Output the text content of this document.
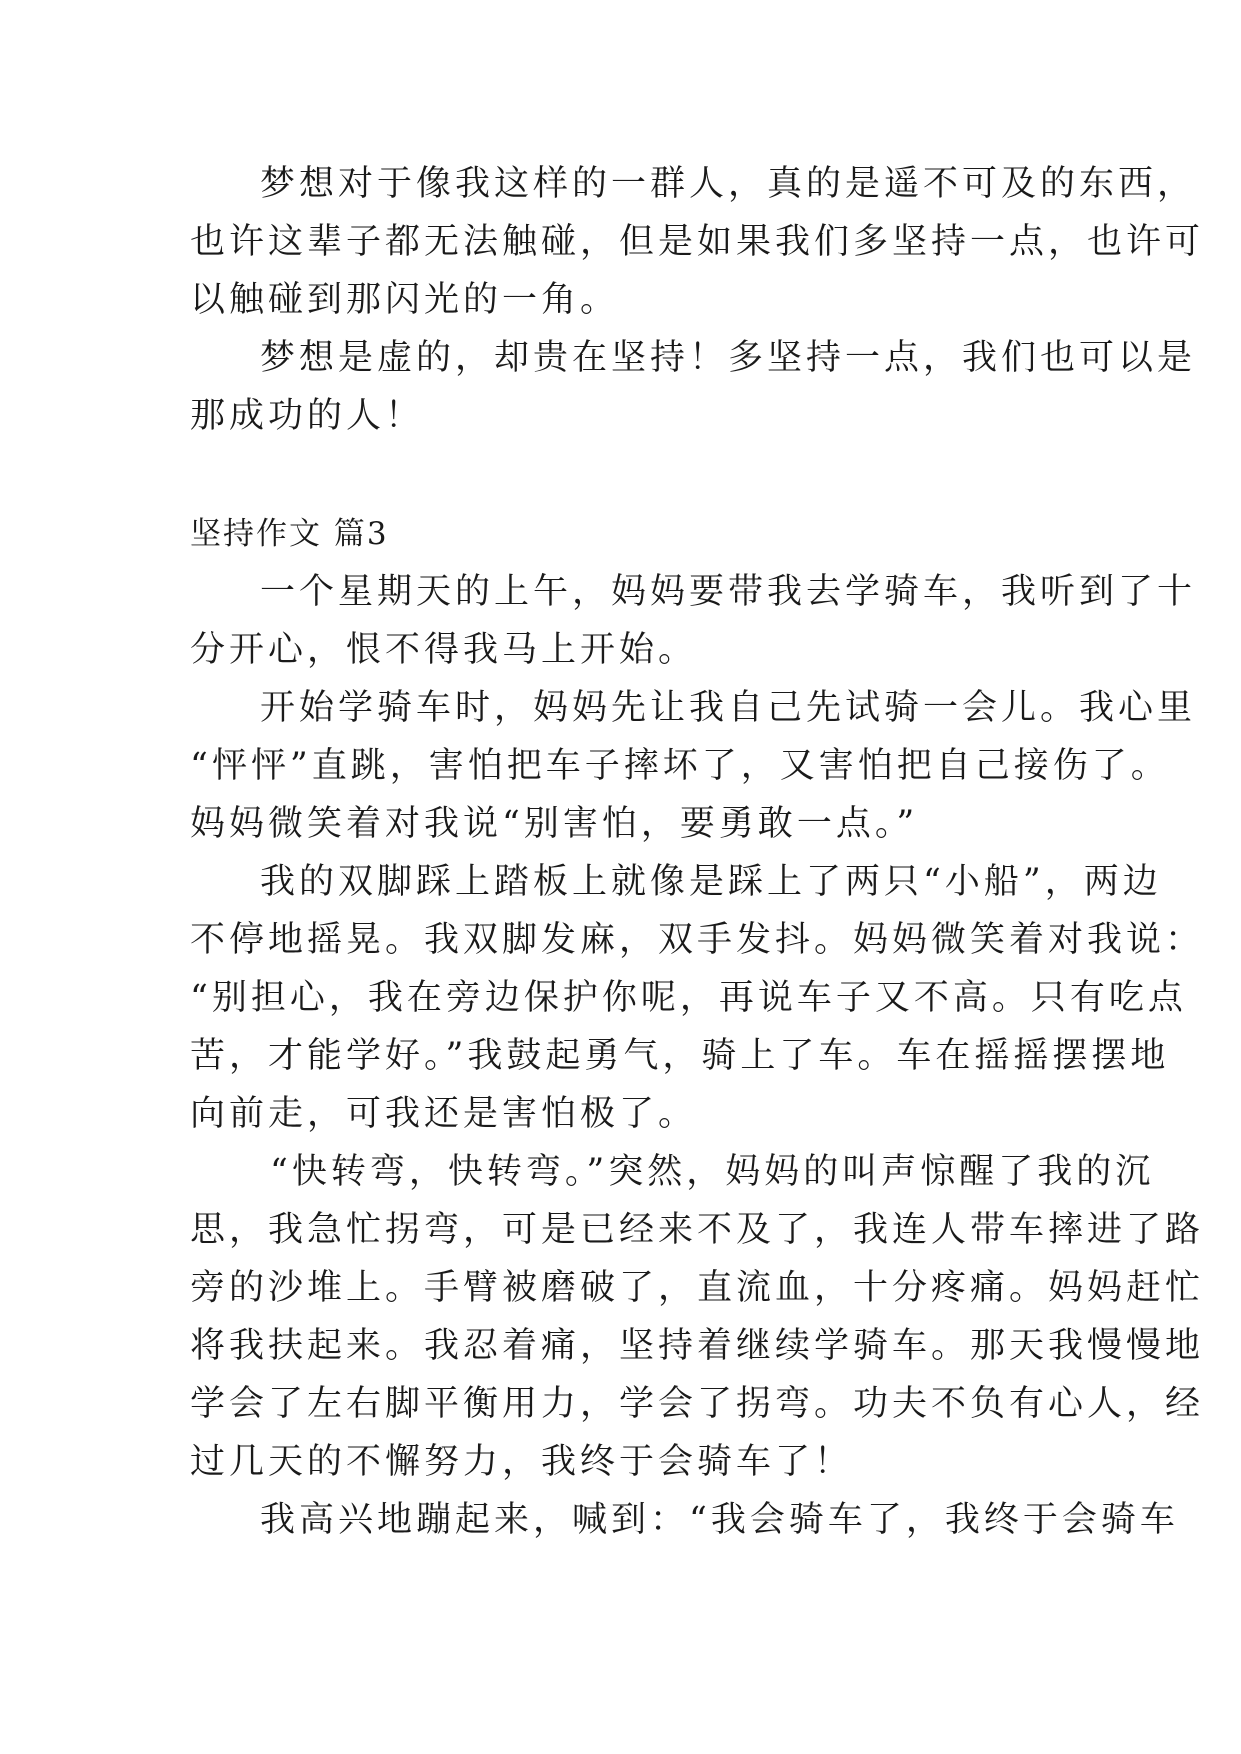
梦想对于像我这样的一群人，真的是遥不可及的东西，
也许这辈子都无法触碰，但是如果我们多坚持一点，也许可
以触碰到那闪光的一角。
梦想是虚的，却贵在坚持！多坚持一点，我们也可以是
那成功的人！
坚持作文 篇3
一个星期天的上午，妈妈要带我去学骑车，我听到了十
分开心，恨不得我马上开始。
开始学骑车时，妈妈先让我自己先试骑一会儿。我心里
“怦怦”直跳，害怕把车子摔坏了，又害怕把自己接伤了。
妈妈微笑着对我说“别害怕，要勇敢一点。”
我的双脚踩上踏板上就像是踩上了两只“小船”，两边
不停地摇晃。我双脚发麻，双手发抖。妈妈微笑着对我说：
“别担心，我在旁边保护你呢，再说车子又不高。只有吃点
苦，才能学好。”我鼓起勇气，骑上了车。车在摇摇摆摆地
向前走，可我还是害怕极了。
“快转弯，快转弯。”突然，妈妈的叫声惊醒了我的沉
思，我急忙拐弯，可是已经来不及了，我连人带车摔进了路
旁的沙堆上。手臂被磨破了，直流血，十分疼痛。妈妈赶忙
将我扶起来。我忍着痛，坚持着继续学骑车。那天我慢慢地
学会了左右脚平衡用力，学会了拐弯。功夫不负有心人，经
过几天的不懈努力，我终于会骑车了！
我高兴地蹦起来，喊到：“我会骑车了，我终于会骑车
